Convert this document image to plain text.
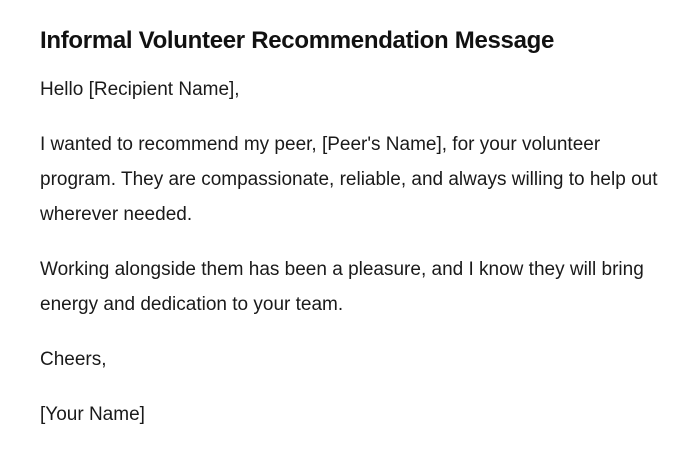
Informal Volunteer Recommendation Message

Hello [Recipient Name],

I wanted to recommend my peer, [Peer's Name], for your volunteer program. They are compassionate, reliable, and always willing to help out wherever needed.

Working alongside them has been a pleasure, and I know they will bring energy and dedication to your team.

Cheers,

[Your Name]
